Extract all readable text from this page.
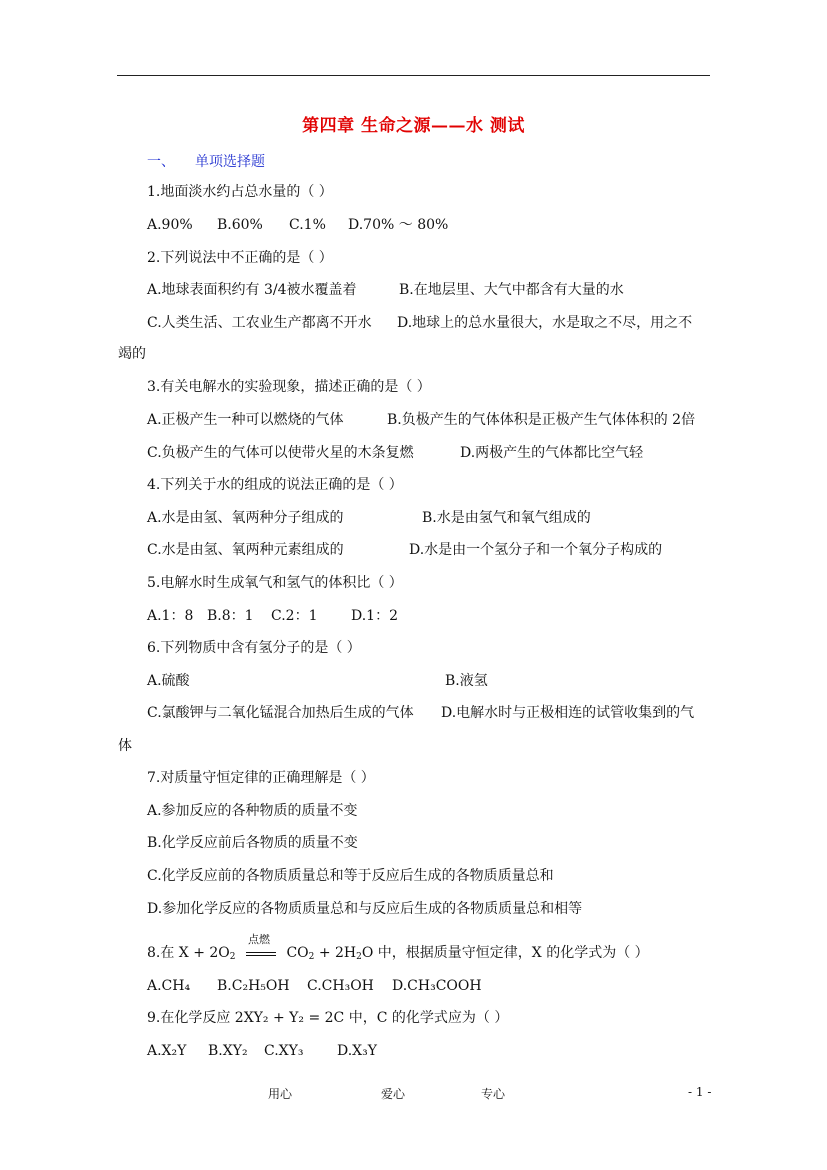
第四章 生命之源——水 测试
一、 单项选择题
1.地面淡水约占总水量的（ ）
A.90% B.60% C.1% D.70% ～ 80%
2.下列说法中不正确的是（ ）
A.地球表面积约有 3/4被水覆盖着	B.在地层里、大气中都含有大量的水
C.人类生活、工农业生产都离不开水 D.地球上的总水量很大，水是取之不尽，用之不
竭的
3.有关电解水的实验现象，描述正确的是（ ）
A.正极产生一种可以燃烧的气体	B.负极产生的气体体积是正极产生气体体积的 2倍
C.负极产生的气体可以使带火星的木条复燃	D.两极产生的气体都比空气轻
4.下列关于水的组成的说法正确的是（ ）
A.水是由氢、氧两种分子组成的	B.水是由氢气和氧气组成的
C.水是由氢、氧两种元素组成的	D.水是由一个氢分子和一个氧分子构成的
5.电解水时生成氧气和氢气的体积比（ ）
A.1：8 B.8：1 C.2：1 D.1：2
6.下列物质中含有氢分子的是（ ）
A.硫酸	B.液氢
C.氯酸钾与二氧化锰混合加热后生成的气体 D.电解水时与正极相连的试管收集到的气
体
7.对质量守恒定律的正确理解是（ ）
A.参加反应的各种物质的质量不变
B.化学反应前后各物质的质量不变
C.化学反应前的各物质质量总和等于反应后生成的各物质质量总和
D.参加化学反应的各物质质量总和与反应后生成的各物质质量总和相等
8.在 $X + 2O_2$
点燃
$CO_2 + 2H_2O$ 中，根据质量守恒定律，X 的化学式为（ ）
A.CH₄ B.C₂H₅OH C.CH₃OH D.CH₃COOH
9.在化学反应 2XY₂ + Y₂ = 2C 中，C 的化学式应为（ ）
A.X₂Y B.XY₂ C.XY₃ D.X₃Y
用心	爱心	专心	- 1 -
